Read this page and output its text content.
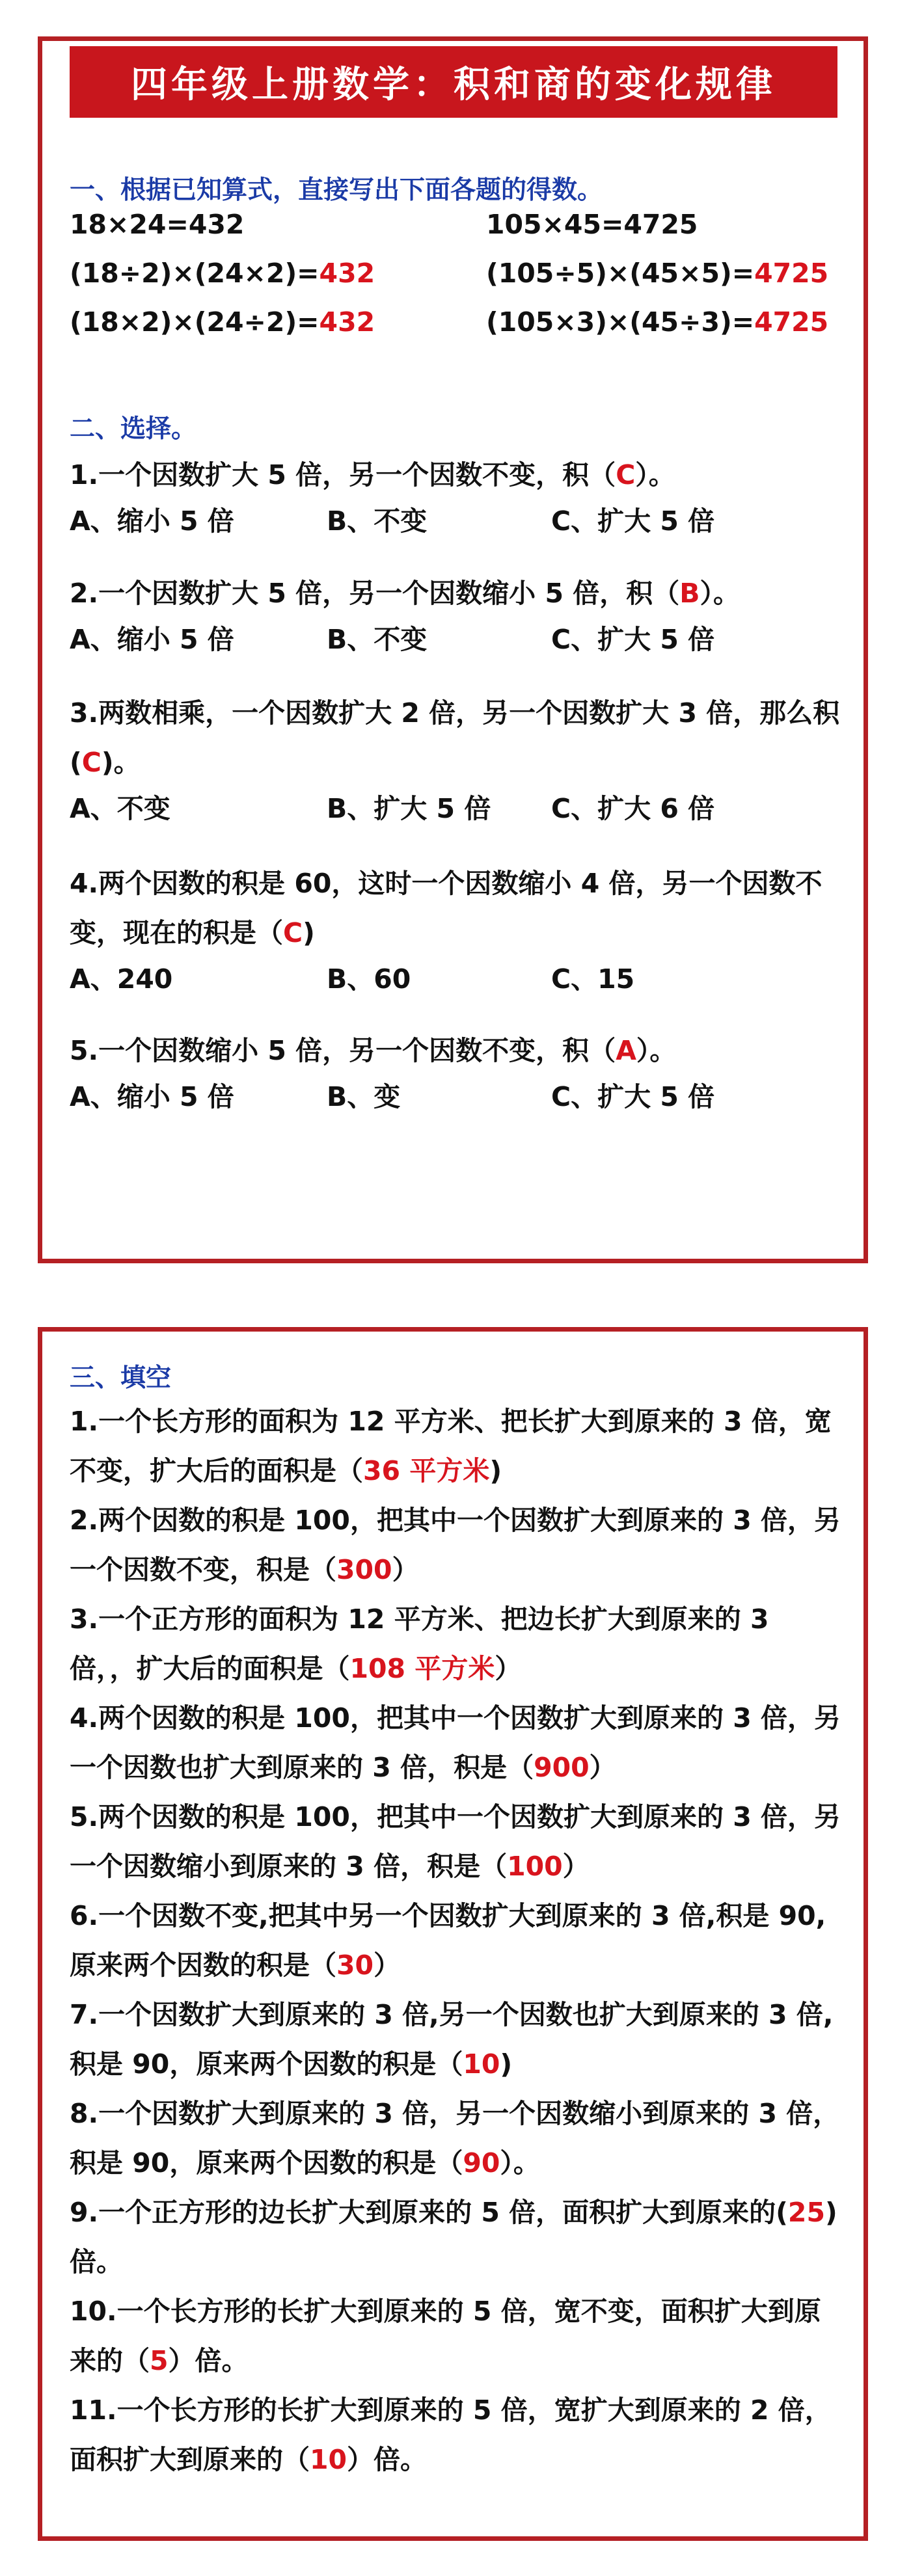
四年级上册数学：积和商的变化规律
一、根据已知算式，直接写出下面各题的得数。
18×24=432	105×45=4725
(18÷2)×(24×2)=432	(105÷5)×(45×5)=4725
(18×2)×(24÷2)=432	(105×3)×(45÷3)=4725
二、选择。
1.一个因数扩大 5 倍，另一个因数不变，积（C）。
A、缩小 5 倍	B、不变	C、扩大 5 倍
2.一个因数扩大 5 倍，另一个因数缩小 5 倍，积（B）。
A、缩小 5 倍	B、不变	C、扩大 5 倍
3.两数相乘，一个因数扩大 2 倍，另一个因数扩大 3 倍，那么积(C)。
A、不变	B、扩大 5 倍 C、扩大 6 倍
4.两个因数的积是 60，这时一个因数缩小 4 倍，另一个因数不变，现在的积是（C)
A、240	B、60	C、15
5.一个因数缩小 5 倍，另一个因数不变，积（A）。
A、缩小 5 倍	B、变	C、扩大 5 倍
三、填空
1.一个长方形的面积为 12 平方米、把长扩大到原来的 3 倍，宽不变，扩大后的面积是（36 平方米)
2.两个因数的积是 100，把其中一个因数扩大到原来的 3 倍，另一个因数不变，积是（300）
3.一个正方形的面积为 12 平方米、把边长扩大到原来的 3 倍，，扩大后的面积是（108 平方米）
4.两个因数的积是 100，把其中一个因数扩大到原来的 3 倍，另一个因数也扩大到原来的 3 倍，积是（900）
5.两个因数的积是 100，把其中一个因数扩大到原来的 3 倍，另一个因数缩小到原来的 3 倍，积是（100）
6.一个因数不变,把其中另一个因数扩大到原来的 3 倍,积是 90,原来两个因数的积是（30）
7.一个因数扩大到原来的 3 倍,另一个因数也扩大到原来的 3 倍,积是 90，原来两个因数的积是（10)
8.一个因数扩大到原来的 3 倍，另一个因数缩小到原来的 3 倍，积是 90，原来两个因数的积是（90）。
9.一个正方形的边长扩大到原来的 5 倍，面积扩大到原来的(25)倍。
10.一个长方形的长扩大到原来的 5 倍，宽不变，面积扩大到原来的（5）倍。
11.一个长方形的长扩大到原来的 5 倍，宽扩大到原来的 2 倍，面积扩大到原来的（10）倍。
